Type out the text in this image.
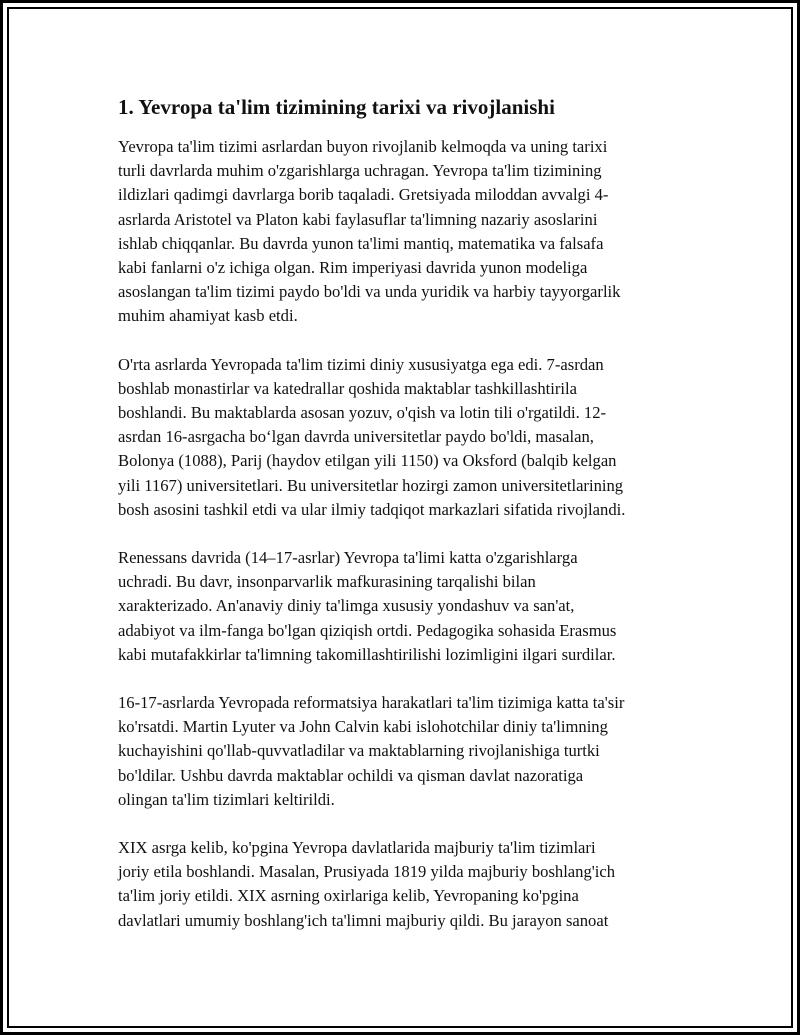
1. Yevropa ta'lim tizimining tarixi va rivojlanishi

Yevropa ta'lim tizimi asrlardan buyon rivojlanib kelmoqda va uning tarixi
turli davrlarda muhim o'zgarishlarga uchragan. Yevropa ta'lim tizimining
ildizlari qadimgi davrlarga borib taqaladi. Gretsiyada miloddan avvalgi 4-
asrlarda Aristotel va Platon kabi faylasuflar ta'limning nazariy asoslarini
ishlab chiqqanlar. Bu davrda yunon ta'limi mantiq, matematika va falsafa
kabi fanlarni o'z ichiga olgan. Rim imperiyasi davrida yunon modeliga
asoslangan ta'lim tizimi paydo bo'ldi va unda yuridik va harbiy tayyorgarlik
muhim ahamiyat kasb etdi.

O'rta asrlarda Yevropada ta'lim tizimi diniy xususiyatga ega edi. 7-asrdan
boshlab monastirlar va katedrallar qoshida maktablar tashkillashtirila
boshlandi. Bu maktablarda asosan yozuv, o'qish va lotin tili o'rgatildi. 12-
asrdan 16-asrgacha bo‘lgan davrda universitetlar paydo bo'ldi, masalan,
Bolonya (1088), Parij (haydov etilgan yili 1150) va Oksford (balqib kelgan
yili 1167) universitetlari. Bu universitetlar hozirgi zamon universitetlarining
bosh asosini tashkil etdi va ular ilmiy tadqiqot markazlari sifatida rivojlandi.

Renessans davrida (14–17-asrlar) Yevropa ta'limi katta o'zgarishlarga
uchradi. Bu davr, insonparvarlik mafkurasining tarqalishi bilan
xarakterizado. An'anaviy diniy ta'limga xususiy yondashuv va san'at,
adabiyot va ilm-fanga bo'lgan qiziqish ortdi. Pedagogika sohasida Erasmus
kabi mutafakkirlar ta'limning takomillashtirilishi lozimligini ilgari surdilar.

16-17-asrlarda Yevropada reformatsiya harakatlari ta'lim tizimiga katta ta'sir
ko'rsatdi. Martin Lyuter va John Calvin kabi islohotchilar diniy ta'limning
kuchayishini qo'llab-quvvatladilar va maktablarning rivojlanishiga turtki
bo'ldilar. Ushbu davrda maktablar ochildi va qisman davlat nazoratiga
olingan ta'lim tizimlari keltirildi.

XIX asrga kelib, ko'pgina Yevropa davlatlarida majburiy ta'lim tizimlari
joriy etila boshlandi. Masalan, Prusiyada 1819 yilda majburiy boshlang'ich
ta'lim joriy etildi. XIX asrning oxirlariga kelib, Yevropaning ko'pgina
davlatlari umumiy boshlang'ich ta'limni majburiy qildi. Bu jarayon sanoat
